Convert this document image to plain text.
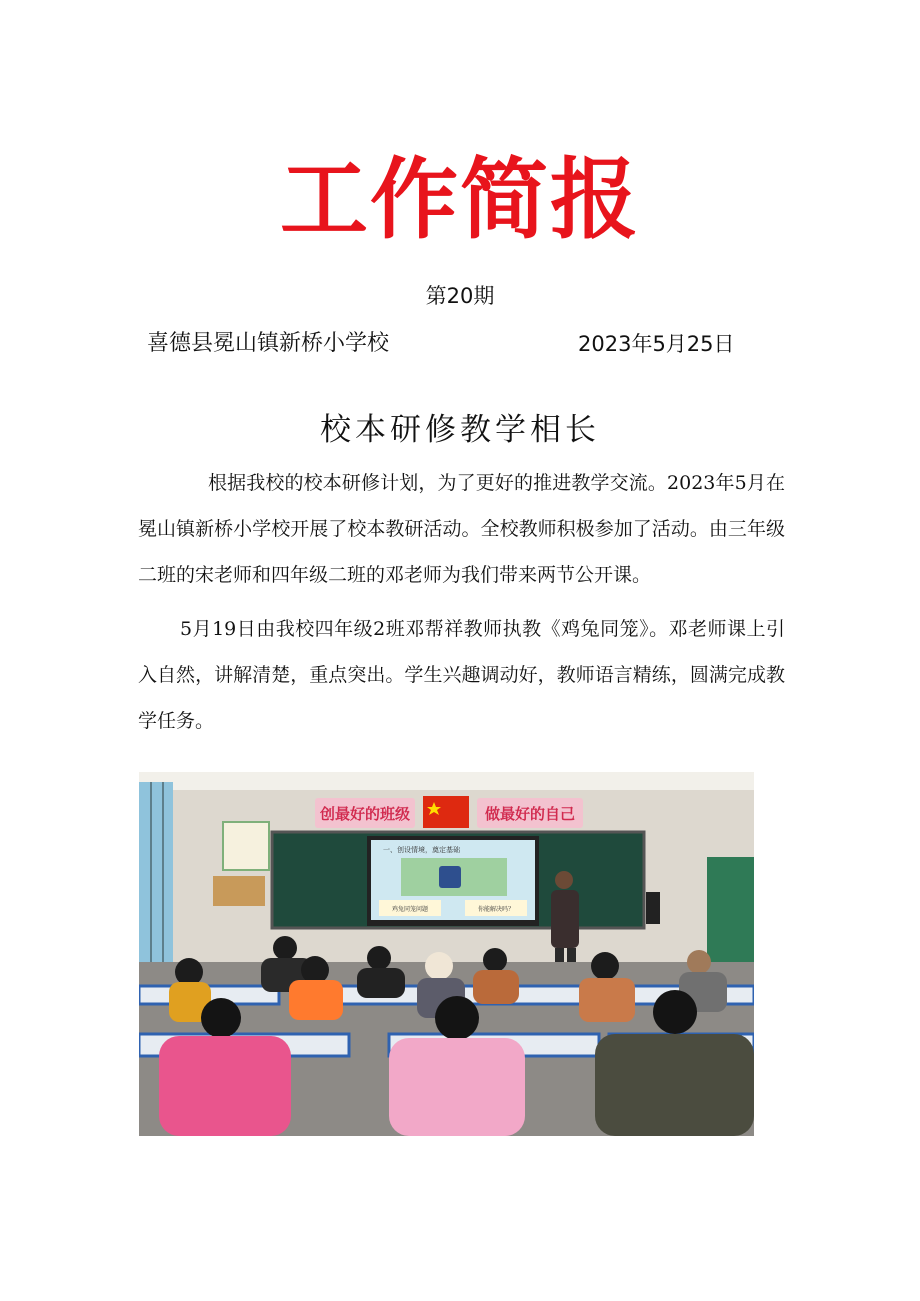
工作简报
第20期
喜德县冕山镇新桥小学校	2023年5月25日
校本研修教学相长

根据我校的校本研修计划，为了更好的推进教学交流。2023年5月在冕山镇新桥小学校开展了校本教研活动。全校教师积极参加了活动。由三年级二班的宋老师和四年级二班的邓老师为我们带来两节公开课。

5月19日由我校四年级2班邓帮祥教师执教《鸡兔同笼》。邓老师课上引入自然，讲解清楚，重点突出。学生兴趣调动好，教师语言精练，圆满完成教学任务。

创最好的班级	做最好的自己
一、创设情境，奠定基础
鸡兔同笼问题	你能解决吗？
